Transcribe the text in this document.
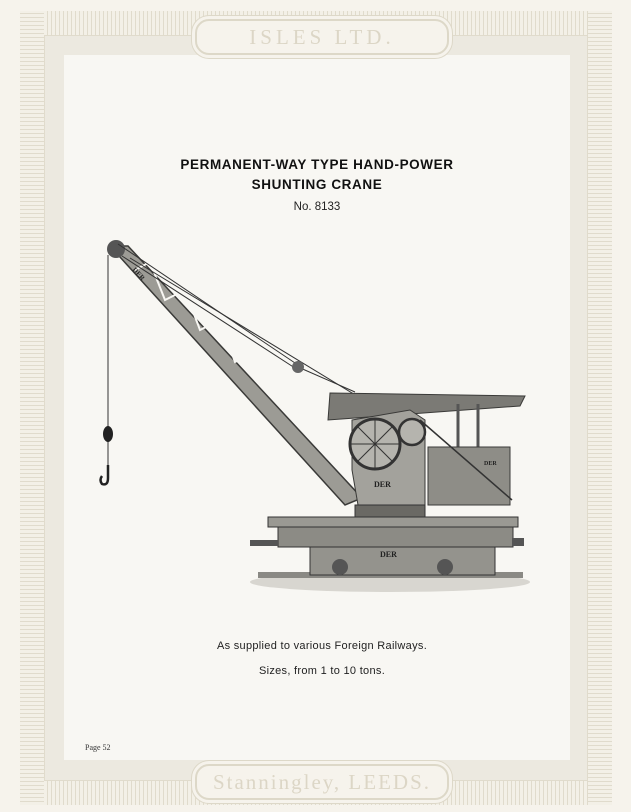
ISLES LTD.
Stanningley, LEEDS.
PERMANENT-WAY TYPE HAND-POWER
SHUNTING CRANE
No. 8133
DER
DER
DER
DER
As supplied to various Foreign Railways.
Sizes, from 1 to 10 tons.
Page 52
